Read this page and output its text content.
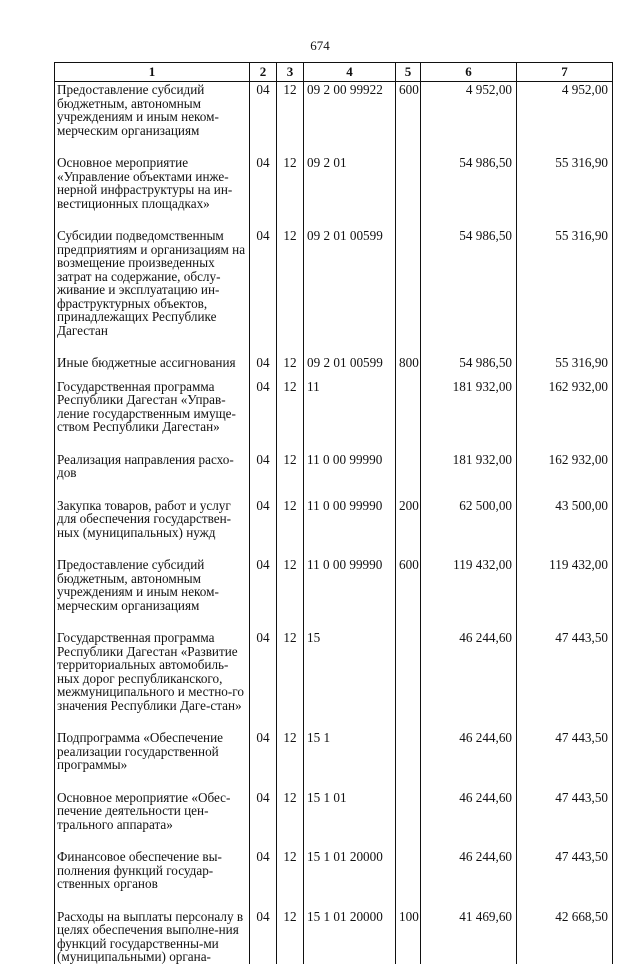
674
1	2	3	4	5	6	7
Предоставление субсидий бюджетным, автономным учреждениям и иным неком-мерческим организациям	04	12	09 2 00 99922	600	4 952,00	4 952,00
Основное мероприятие «Управление объектами инже-нерной инфраструктуры на ин-вестиционных площадках»	04	12	09 2 01		54 986,50	55 316,90
Субсидии подведомственным предприятиям и организациям на возмещение произведенных затрат на содержание, обслу-живание и эксплуатацию ин-фраструктурных объектов, принадлежащих Республике Дагестан	04	12	09 2 01 00599		54 986,50	55 316,90
Иные бюджетные ассигнования	04	12	09 2 01 00599	800	54 986,50	55 316,90
Государственная программа Республики Дагестан «Управ-ление государственным имуще-ством Республики Дагестан»	04	12	11		181 932,00	162 932,00
Реализация направления расхо-дов	04	12	11 0 00 99990		181 932,00	162 932,00
Закупка товаров, работ и услуг для обеспечения государствен-ных (муниципальных) нужд	04	12	11 0 00 99990	200	62 500,00	43 500,00
Предоставление субсидий бюджетным, автономным учреждениям и иным неком-мерческим организациям	04	12	11 0 00 99990	600	119 432,00	119 432,00
Государственная программа Республики Дагестан «Развитие территориальных автомобиль-ных дорог республиканского, межмуниципального и местно-го значения Республики Даге-стан»	04	12	15		46 244,60	47 443,50
Подпрограмма «Обеспечение реализации государственной программы»	04	12	15 1		46 244,60	47 443,50
Основное мероприятие «Обес-печение деятельности цен-трального аппарата»	04	12	15 1 01		46 244,60	47 443,50
Финансовое обеспечение вы-полнения функций государ-ственных органов	04	12	15 1 01 20000		46 244,60	47 443,50
Расходы на выплаты персоналу в целях обеспечения выполне-ния функций государственны-ми (муниципальными) органа-	04	12	15 1 01 20000	100	41 469,60	42 668,50
